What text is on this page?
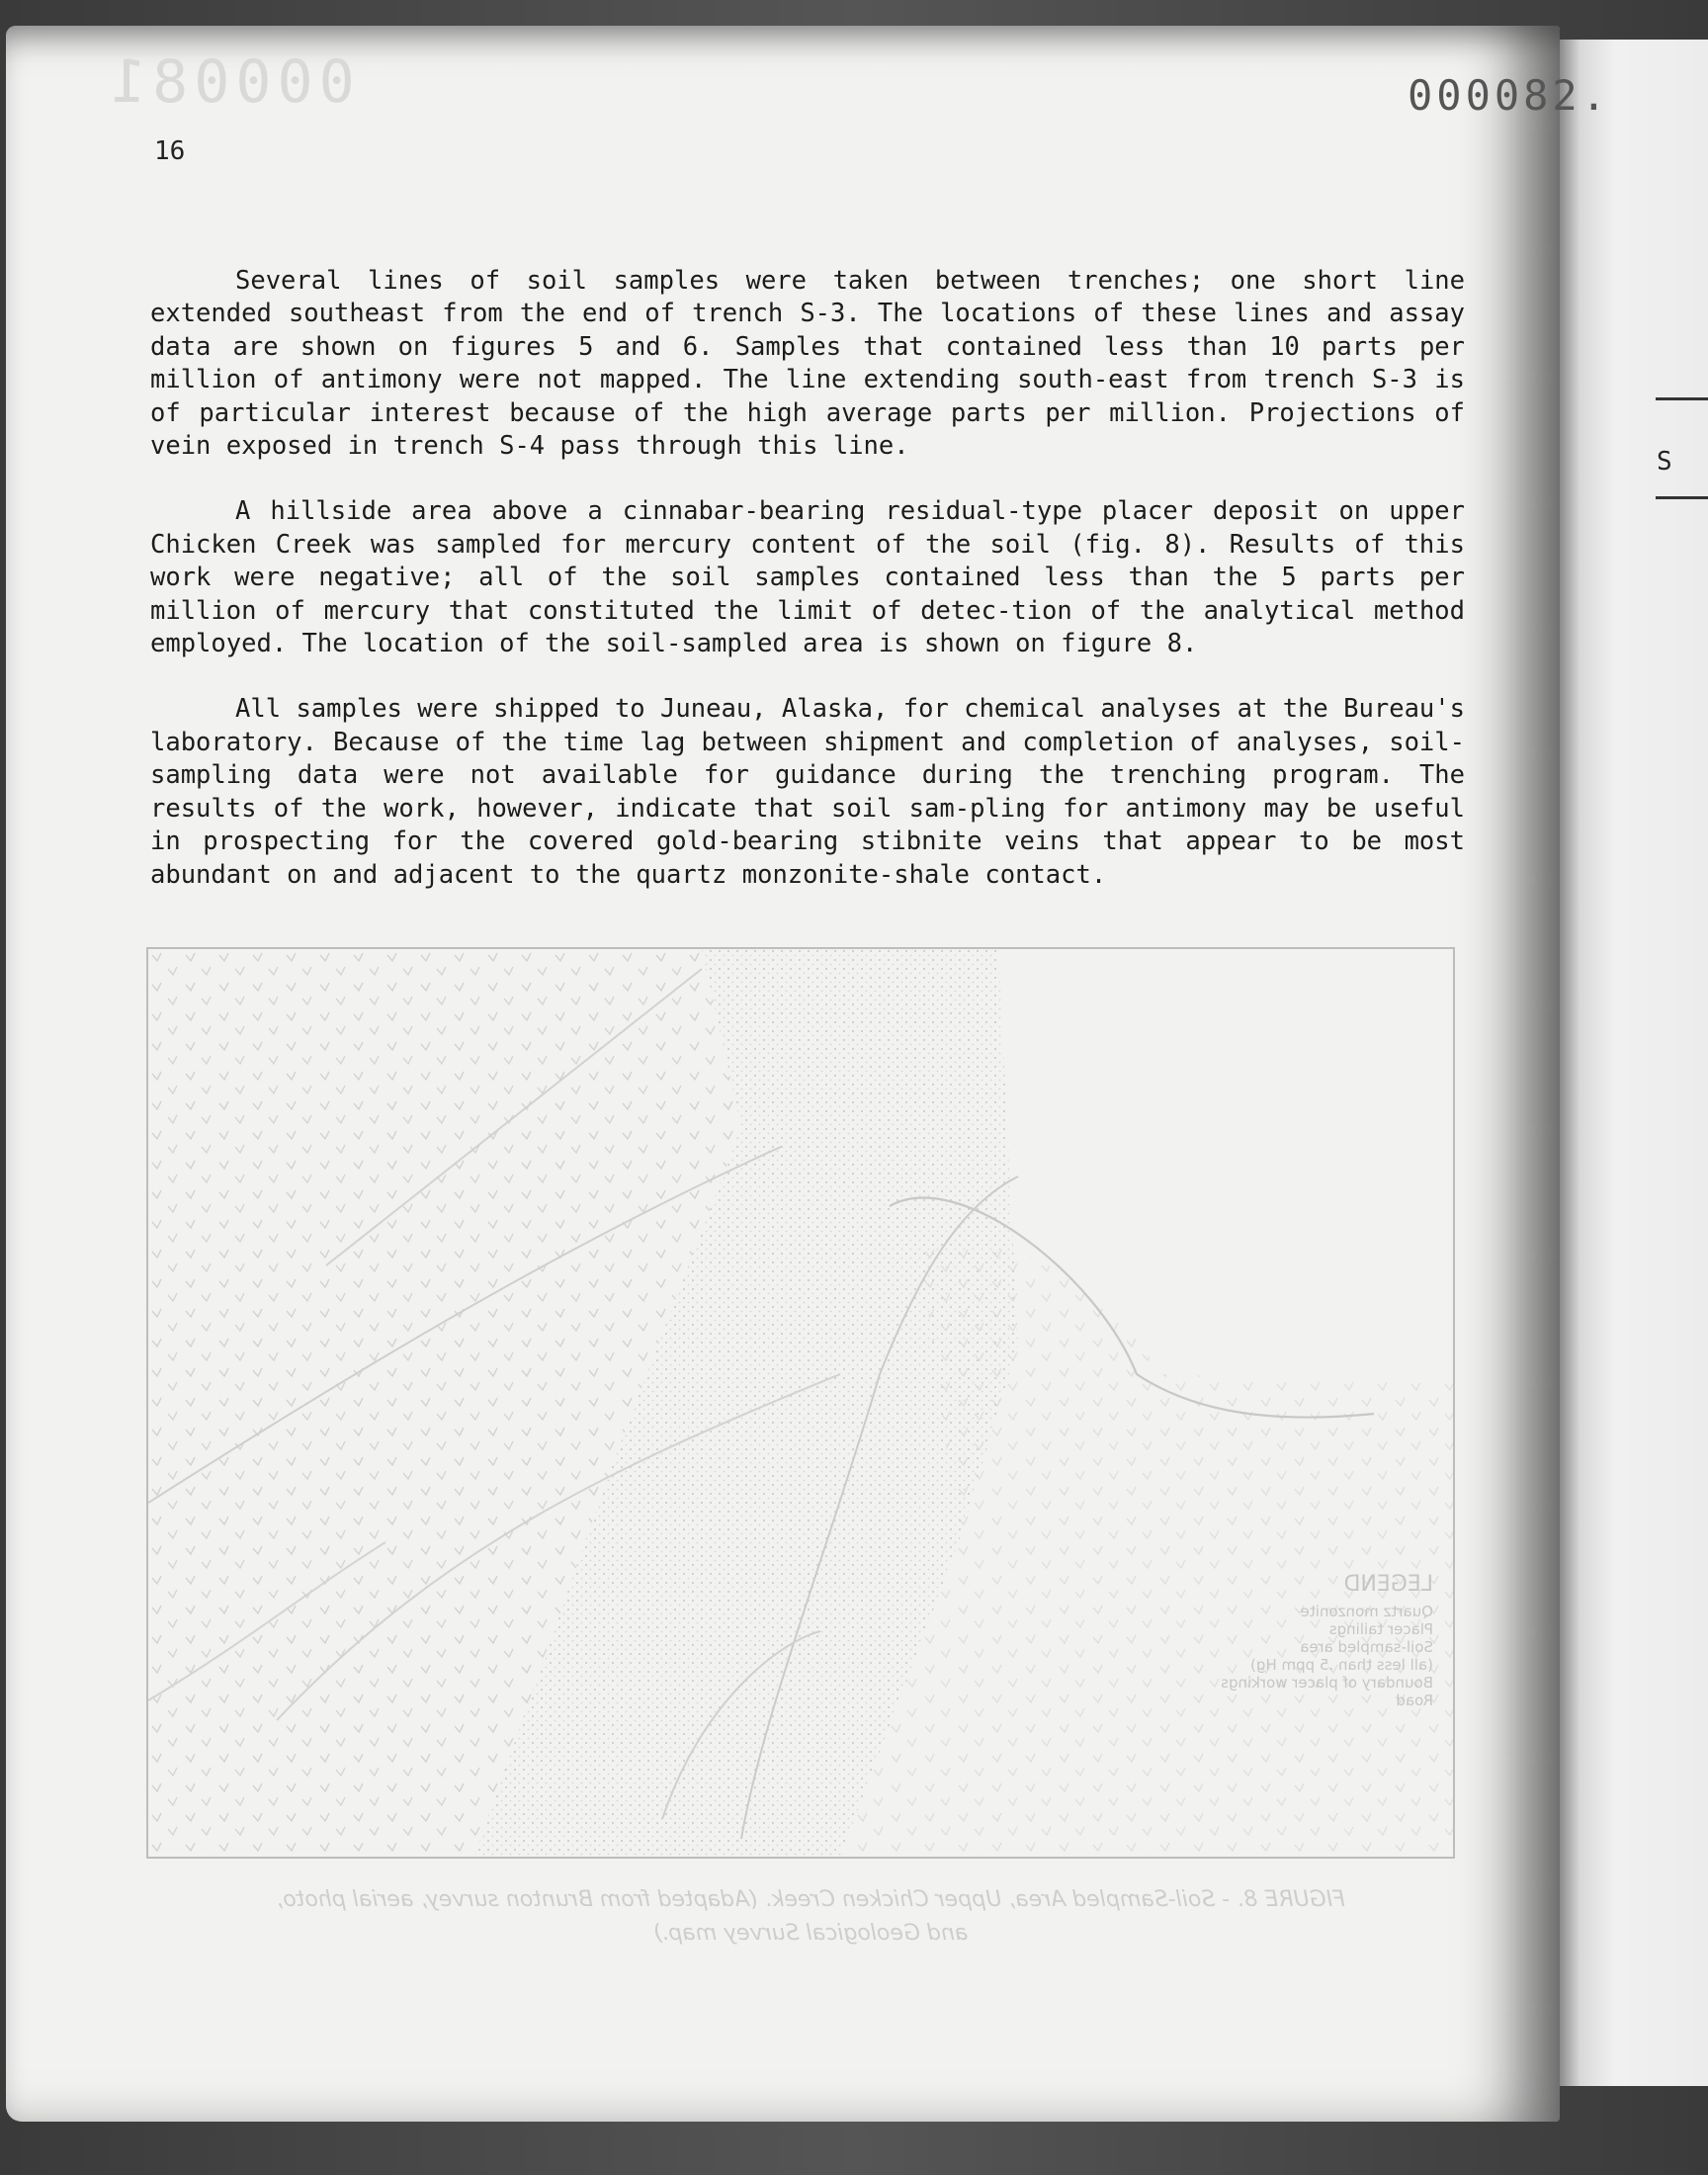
S
000081	000082.
LEGEND
Quartz monzonite
Placer tailings
Soil-sampled area
(all less than .5 ppm Hg)
Boundary of placer workings
Road
FIGURE 8. - Soil-Sampled Area, Upper Chicken Creek. (Adapted from Brunton survey, aerial photo, and Geological Survey map.)
16

Several lines of soil samples were taken between trenches; one short line extended southeast from the end of trench S-3. The locations of these lines and assay data are shown on figures 5 and 6. Samples that contained less than 10 parts per million of antimony were not mapped. The line extending south-east from trench S-3 is of particular interest because of the high average parts per million. Projections of vein exposed in trench S-4 pass through this line.

A hillside area above a cinnabar-bearing residual-type placer deposit on upper Chicken Creek was sampled for mercury content of the soil (fig. 8). Results of this work were negative; all of the soil samples contained less than the 5 parts per million of mercury that constituted the limit of detec-tion of the analytical method employed. The location of the soil-sampled area is shown on figure 8.

All samples were shipped to Juneau, Alaska, for chemical analyses at the Bureau's laboratory. Because of the time lag between shipment and completion of analyses, soil-sampling data were not available for guidance during the trenching program. The results of the work, however, indicate that soil sam-pling for antimony may be useful in prospecting for the covered gold-bearing stibnite veins that appear to be most abundant on and adjacent to the quartz monzonite-shale contact.
